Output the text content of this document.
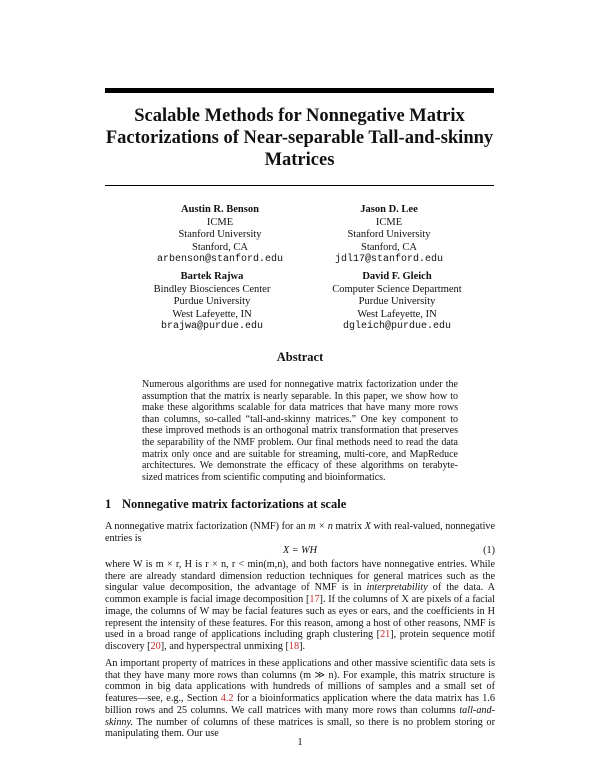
Scalable Methods for Nonnegative Matrix Factorizations of Near-separable Tall-and-skinny Matrices
Austin R. Benson
ICME
Stanford University
Stanford, CA
arbenson@stanford.edu
Jason D. Lee
ICME
Stanford University
Stanford, CA
jdl17@stanford.edu
Bartek Rajwa
Bindley Biosciences Center
Purdue University
West Lafeyette, IN
brajwa@purdue.edu
David F. Gleich
Computer Science Department
Purdue University
West Lafeyette, IN
dgleich@purdue.edu
Abstract
Numerous algorithms are used for nonnegative matrix factorization under the assumption that the matrix is nearly separable. In this paper, we show how to make these algorithms scalable for data matrices that have many more rows than columns, so-called “tall-and-skinny matrices.” One key component to these improved methods is an orthogonal matrix transformation that preserves the separability of the NMF problem. Our final methods need to read the data matrix only once and are suitable for streaming, multi-core, and MapReduce architectures. We demonstrate the efficacy of these algorithms on terabyte-sized matrices from scientific computing and bioinformatics.
1 Nonnegative matrix factorizations at scale
A nonnegative matrix factorization (NMF) for an m × n matrix X with real-valued, nonnegative entries is
X = WH	(1)
where W is m × r, H is r × n, r < min(m,n), and both factors have nonnegative entries. While there are already standard dimension reduction techniques for general matrices such as the singular value decomposition, the advantage of NMF is in interpretability of the data. A common example is facial image decomposition [17]. If the columns of X are pixels of a facial image, the columns of W may be facial features such as eyes or ears, and the coefficients in H represent the intensity of these features. For this reason, among a host of other reasons, NMF is used in a broad range of applications including graph clustering [21], protein sequence motif discovery [20], and hyperspectral unmixing [18].
An important property of matrices in these applications and other massive scientific data sets is that they have many more rows than columns (m ≫ n). For example, this matrix structure is common in big data applications with hundreds of millions of samples and a small set of features—see, e.g., Section 4.2 for a bioinformatics application where the data matrix has 1.6 billion rows and 25 columns. We call matrices with many more rows than columns tall-and-skinny. The number of columns of these matrices is small, so there is no problem storing or manipulating them. Our use
1
